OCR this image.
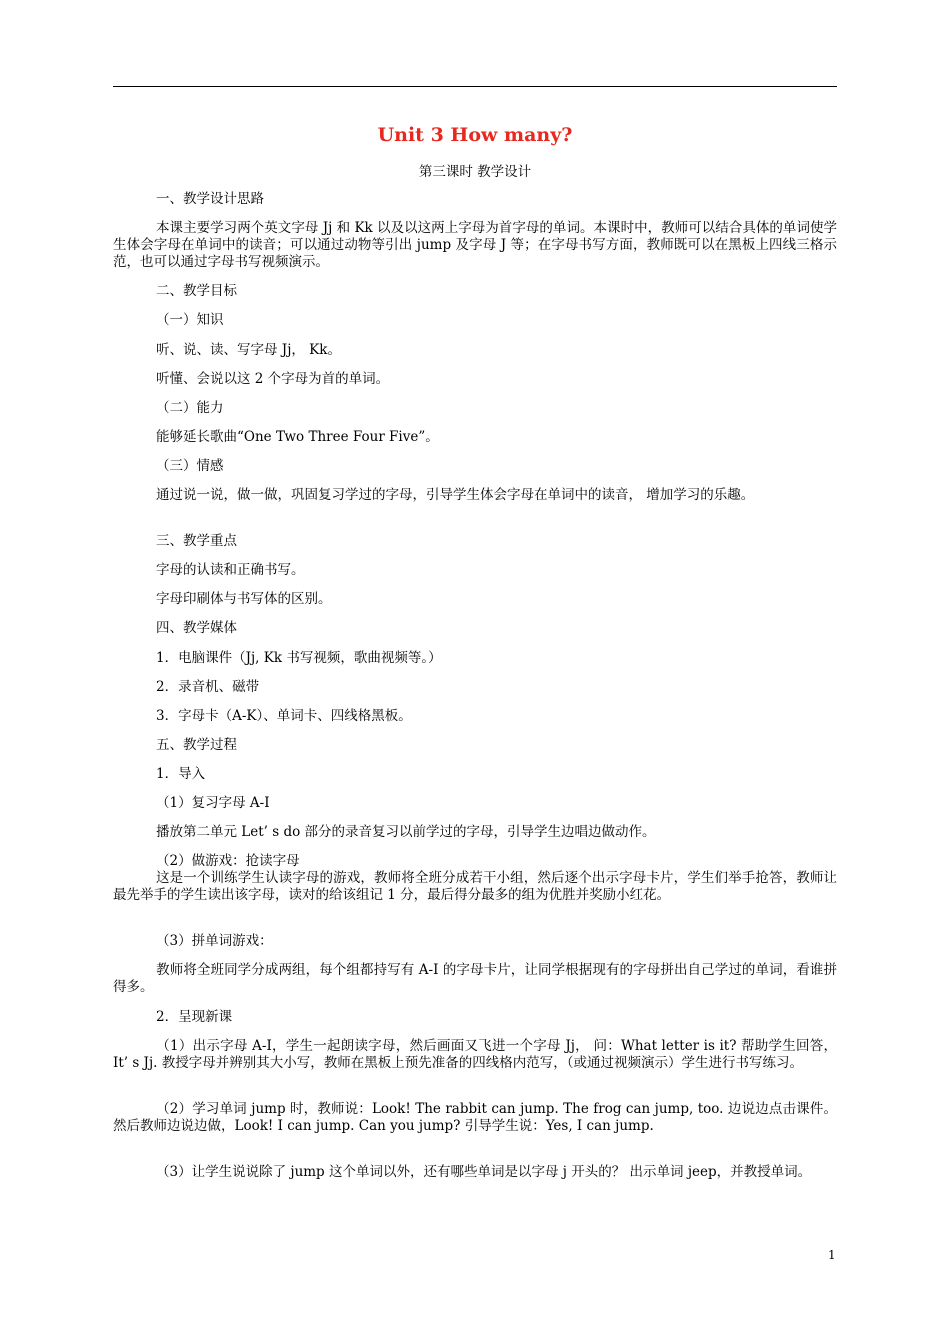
Unit 3 How many?
第三课时 教学设计
一、教学设计思路
本课主要学习两个英文字母 Jj 和 Kk 以及以这两上字母为首字母的单词。本课时中，教师可以结合具体的单词使学生体会字母在单词中的读音；可以通过动物等引出 jump 及字母 J 等；在字母书写方面，教师既可以在黑板上四线三格示范，也可以通过字母书写视频演示。
二、教学目标
（一）知识
听、说、读、写字母 Jj， Kk。
听懂、会说以这 2 个字母为首的单词。
（二）能力
能够延长歌曲“One Two Three Four Five”。
（三）情感
通过说一说，做一做，巩固复习学过的字母，引导学生体会字母在单词中的读音， 增加学习的乐趣。
三、教学重点
字母的认读和正确书写。
字母印刷体与书写体的区别。
四、教学媒体
1．电脑课件（Jj, Kk 书写视频，歌曲视频等。）
2．录音机、磁带
3．字母卡（A-K）、单词卡、四线格黑板。
五、教学过程
1．导入
（1）复习字母 A-I
播放第二单元 Let’ s do 部分的录音复习以前学过的字母，引导学生边唱边做动作。
（2）做游戏：抢读字母
这是一个训练学生认读字母的游戏，教师将全班分成若干小组，然后逐个出示字母卡片，学生们举手抢答，教师让最先举手的学生读出该字母，读对的给该组记 1 分，最后得分最多的组为优胜并奖励小红花。
（3）拼单词游戏：
教师将全班同学分成两组，每个组都持写有 A-I 的字母卡片，让同学根据现有的字母拼出自己学过的单词，看谁拼得多。
2．呈现新课
（1）出示字母 A-I，学生一起朗读字母，然后画面又飞进一个字母 Jj， 问：What letter is it? 帮助学生回答，It’ s Jj. 教授字母并辨别其大小写，教师在黑板上预先准备的四线格内范写，（或通过视频演示）学生进行书写练习。
（2）学习单词 jump 时，教师说：Look! The rabbit can jump. The frog can jump, too. 边说边点击课件。然后教师边说边做，Look! I can jump. Can you jump? 引导学生说：Yes, I can jump.
（3）让学生说说除了 jump 这个单词以外，还有哪些单词是以字母 j 开头的？ 出示单词 jeep，并教授单词。
1
